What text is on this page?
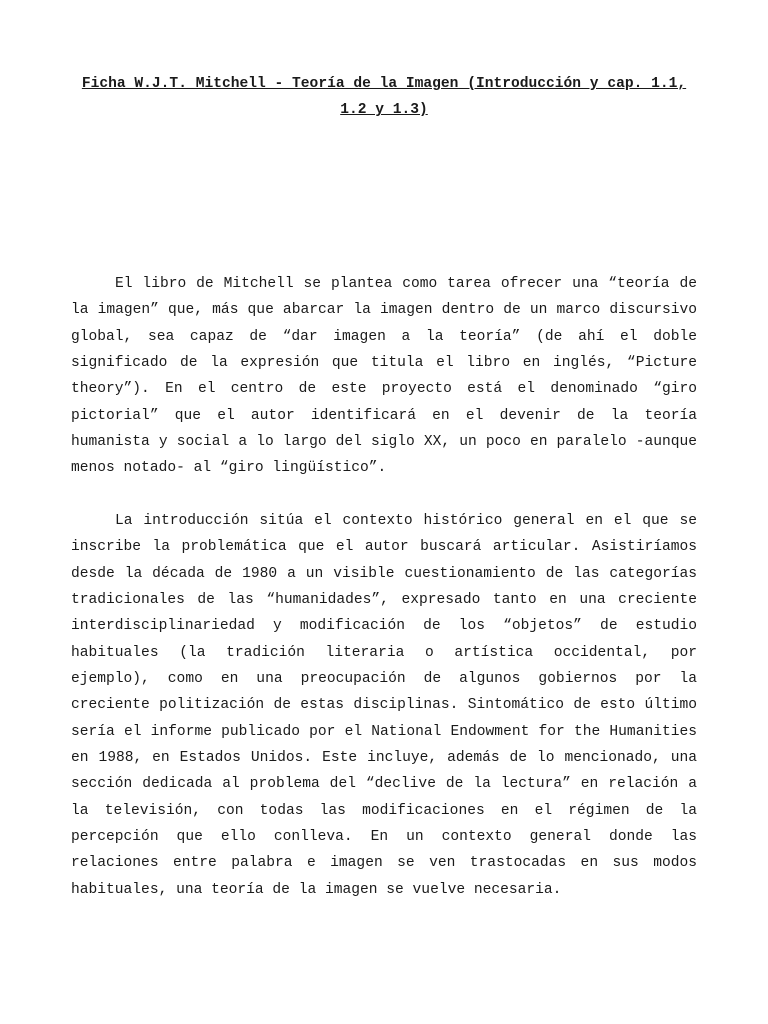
Ficha W.J.T. Mitchell - Teoría de la Imagen (Introducción y cap. 1.1, 1.2 y 1.3)

El libro de Mitchell se plantea como tarea ofrecer una “teoría de la imagen” que, más que abarcar la imagen dentro de un marco discursivo global, sea capaz de “dar imagen a la teoría” (de ahí el doble significado de la expresión que titula el libro en inglés, “Picture theory”). En el centro de este proyecto está el denominado “giro pictorial” que el autor identificará en el devenir de la teoría humanista y social a lo largo del siglo XX, un poco en paralelo -aunque menos notado- al “giro lingüístico”.

La introducción sitúa el contexto histórico general en el que se inscribe la problemática que el autor buscará articular. Asistiríamos desde la década de 1980 a un visible cuestionamiento de las categorías tradicionales de las “humanidades”, expresado tanto en una creciente interdisciplinariedad y modificación de los “objetos” de estudio habituales (la tradición literaria o artística occidental, por ejemplo), como en una preocupación de algunos gobiernos por la creciente politización de estas disciplinas. Sintomático de esto último sería el informe publicado por el National Endowment for the Humanities en 1988, en Estados Unidos. Este incluye, además de lo mencionado, una sección dedicada al problema del “declive de la lectura” en relación a la televisión, con todas las modificaciones en el régimen de la percepción que ello conlleva. En un contexto general donde las relaciones entre palabra e imagen se ven trastocadas en sus modos habituales, una teoría de la imagen se vuelve necesaria.
